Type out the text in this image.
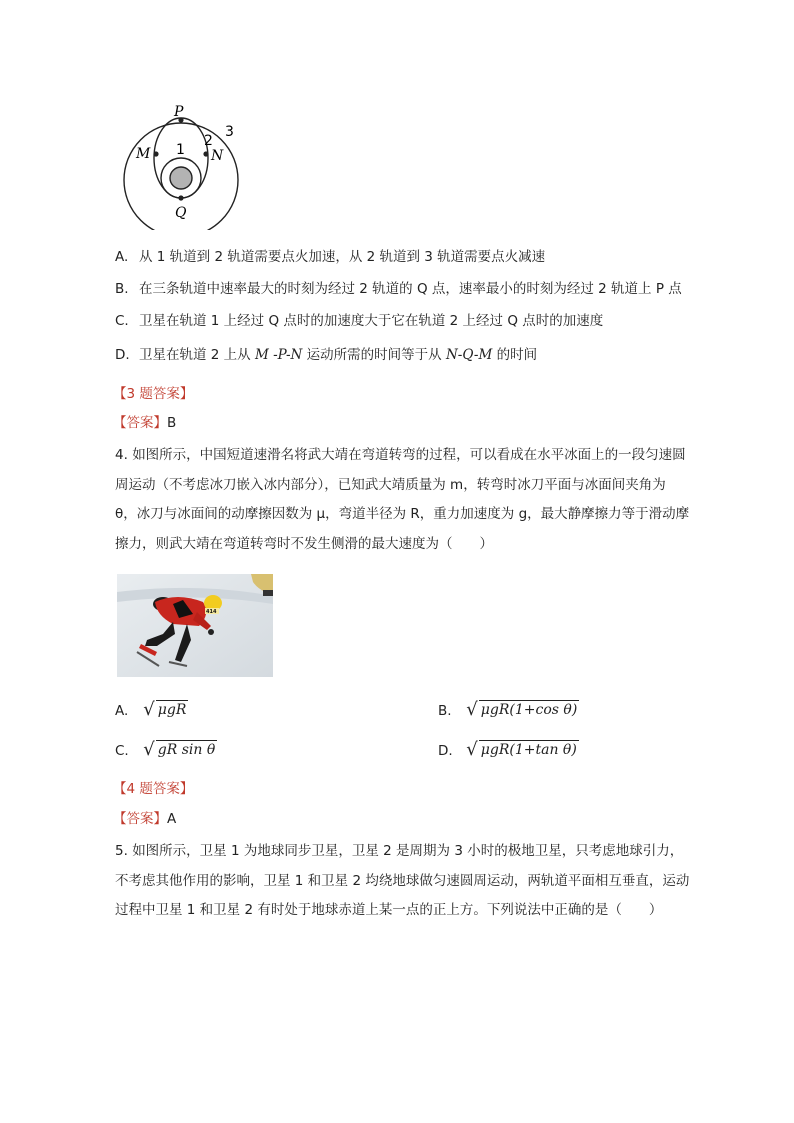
P
M	N
Q
1
2
3
A. 从 1 轨道到 2 轨道需要点火加速，从 2 轨道到 3 轨道需要点火减速
B. 在三条轨道中速率最大的时刻为经过 2 轨道的 Q 点，速率最小的时刻为经过 2 轨道上 P 点
C. 卫星在轨道 1 上经过 Q 点时的加速度大于它在轨道 2 上经过 Q 点时的加速度
D. 卫星在轨道 2 上从 M -P-N 运动所需的时间等于从 N-Q-M 的时间
【3 题答案】
【答案】B
4. 如图所示，中国短道速滑名将武大靖在弯道转弯的过程，可以看成在水平冰面上的一段匀速圆周运动（不考虑冰刀嵌入冰内部分），已知武大靖质量为 m，转弯时冰刀平面与冰面间夹角为 θ，冰刀与冰面间的动摩擦因数为 μ，弯道半径为 R，重力加速度为 g，最大静摩擦力等于滑动摩擦力，则武大靖在弯道转弯时不发生侧滑的最大速度为（　　）
414
A. √ μgR	B. √ μgR(1+cos θ)
C. √ gR sin θ	D. √ μgR(1+tan θ)
【4 题答案】
【答案】A
5. 如图所示，卫星 1 为地球同步卫星，卫星 2 是周期为 3 小时的极地卫星，只考虑地球引力，不考虑其他作用的影响，卫星 1 和卫星 2 均绕地球做匀速圆周运动，两轨道平面相互垂直，运动过程中卫星 1 和卫星 2 有时处于地球赤道上某一点的正上方。下列说法中正确的是（　　）
